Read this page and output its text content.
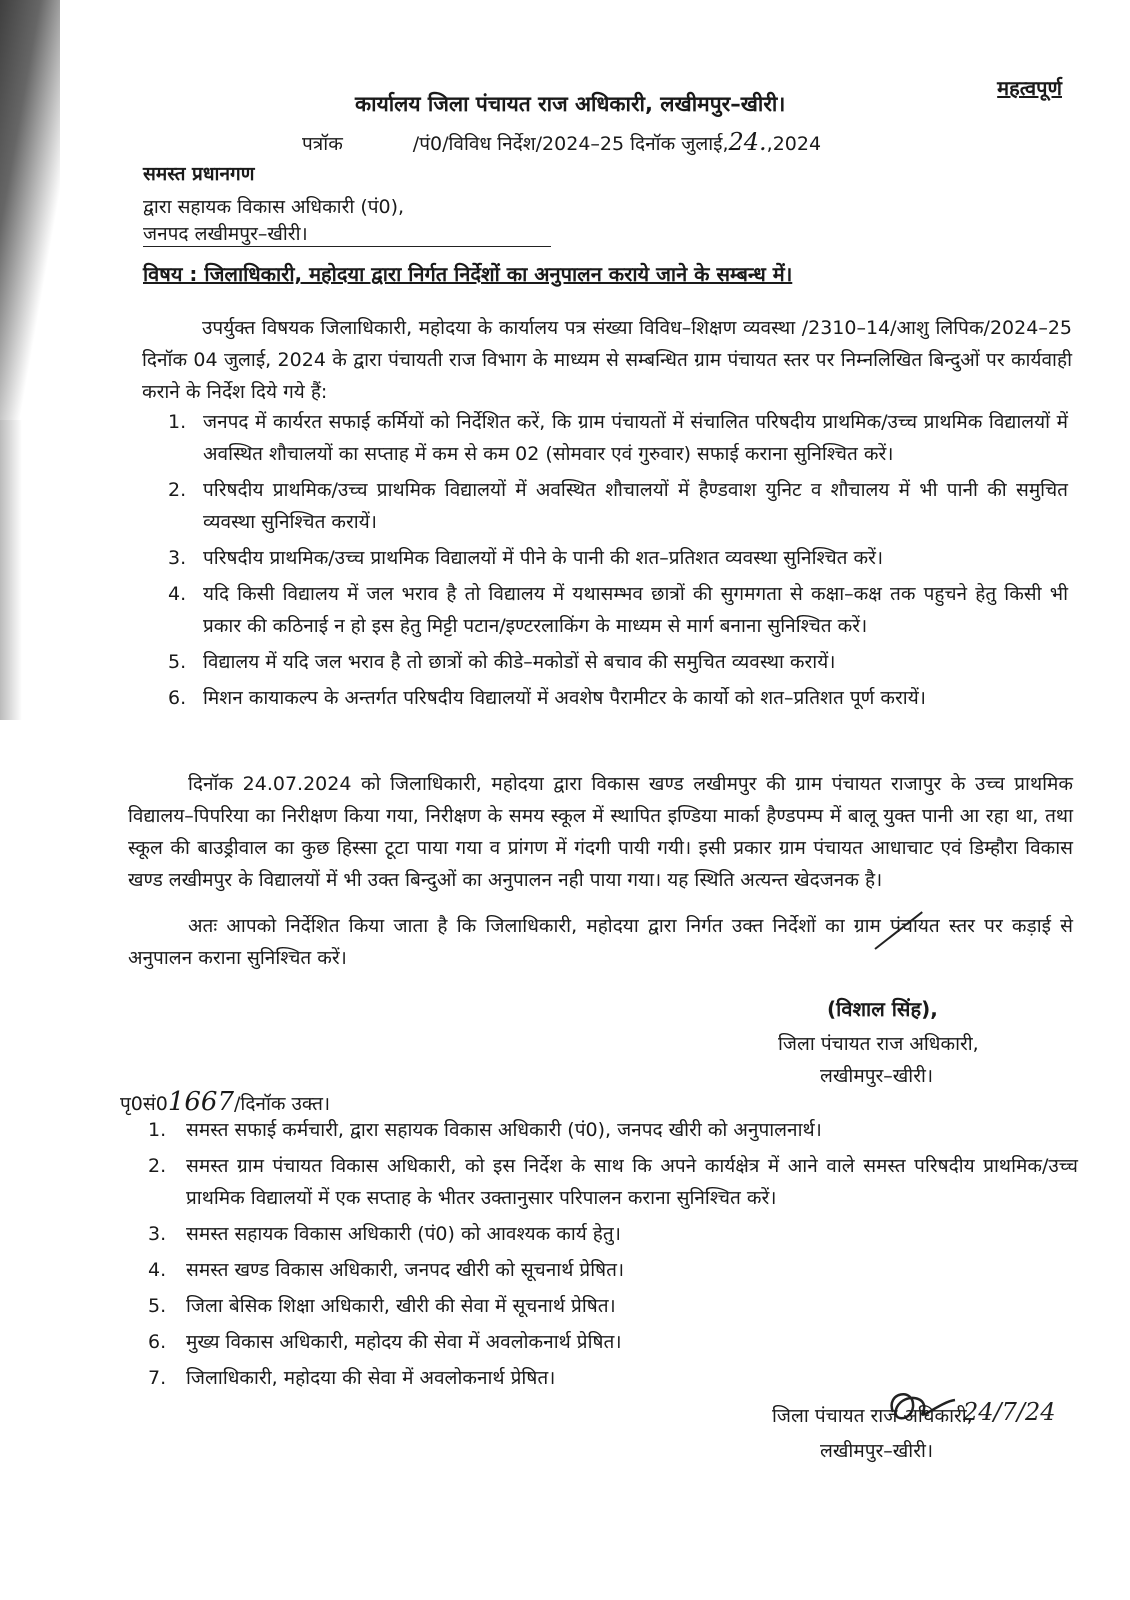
महत्वपूर्ण
कार्यालय जिला पंचायत राज अधिकारी, लखीमपुर–खीरी।
पत्रॉक	/पं0/विविध निर्देश/2024–25 दिनॉक जुलाई,24.,2024
समस्त प्रधानगण
द्वारा सहायक विकास अधिकारी (पं0),
जनपद लखीमपुर–खीरी।
विषय : जिलाधिकारी, महोदया द्वारा निर्गत निर्देशों का अनुपालन कराये जाने के सम्बन्ध में।
उपर्युक्त विषयक जिलाधिकारी, महोदया के कार्यालय पत्र संख्या विविध–शिक्षण व्यवस्था /2310–14/आशु लिपिक/2024–25 दिनॉक 04 जुलाई, 2024 के द्वारा पंचायती राज विभाग के माध्यम से सम्बन्धित ग्राम पंचायत स्तर पर निम्नलिखित बिन्दुओं पर कार्यवाही कराने के निर्देश दिये गये हैं:
1. जनपद में कार्यरत सफाई कर्मियों को निर्देशित करें, कि ग्राम पंचायतों में संचालित परिषदीय प्राथमिक/उच्च प्राथमिक विद्यालयों में अवस्थित शौचालयों का सप्ताह में कम से कम 02 (सोमवार एवं गुरुवार) सफाई कराना सुनिश्चित करें।
2. परिषदीय प्राथमिक/उच्च प्राथमिक विद्यालयों में अवस्थित शौचालयों में हैण्डवाश युनिट व शौचालय में भी पानी की समुचित व्यवस्था सुनिश्चित करायें।
3. परिषदीय प्राथमिक/उच्च प्राथमिक विद्यालयों में पीने के पानी की शत–प्रतिशत व्यवस्था सुनिश्चित करें।
4. यदि किसी विद्यालय में जल भराव है तो विद्यालय में यथासम्भव छात्रों की सुगमगता से कक्षा–कक्ष तक पहुचने हेतु किसी भी प्रकार की कठिनाई न हो इस हेतु मिट्टी पटान/इण्टरलाकिंग के माध्यम से मार्ग बनाना सुनिश्चित करें।
5. विद्यालय में यदि जल भराव है तो छात्रों को कीडे–मकोडों से बचाव की समुचित व्यवस्था करायें।
6. मिशन कायाकल्प के अन्तर्गत परिषदीय विद्यालयों में अवशेष पैरामीटर के कार्यो को शत–प्रतिशत पूर्ण करायें।
दिनॉक 24.07.2024 को जिलाधिकारी, महोदया द्वारा विकास खण्ड लखीमपुर की ग्राम पंचायत राजापुर के उच्च प्राथमिक विद्यालय–पिपरिया का निरीक्षण किया गया, निरीक्षण के समय स्कूल में स्थापित इण्डिया मार्का हैण्डपम्प में बालू युक्त पानी आ रहा था, तथा स्कूल की बाउड्रीवाल का कुछ हिस्सा टूटा पाया गया व प्रांगण में गंदगी पायी गयी। इसी प्रकार ग्राम पंचायत आधाचाट एवं डिम्हौरा विकास खण्ड लखीमपुर के विद्यालयों में भी उक्त बिन्दुओं का अनुपालन नही पाया गया। यह स्थिति अत्यन्त खेदजनक है।
अतः आपको निर्देशित किया जाता है कि जिलाधिकारी, महोदया द्वारा निर्गत उक्त निर्देशों का ग्राम पंचायत स्तर पर कड़ाई से अनुपालन कराना सुनिश्चित करें।
(विशाल सिंह),
जिला पंचायत राज अधिकारी,
लखीमपुर–खीरी।
पृ0सं01667/दिनॉक उक्त।
1. समस्त सफाई कर्मचारी, द्वारा सहायक विकास अधिकारी (पं0), जनपद खीरी को अनुपालनार्थ।
2. समस्त ग्राम पंचायत विकास अधिकारी, को इस निर्देश के साथ कि अपने कार्यक्षेत्र में आने वाले समस्त परिषदीय प्राथमिक/उच्च प्राथमिक विद्यालयों में एक सप्ताह के भीतर उक्तानुसार परिपालन कराना सुनिश्चित करें।
3. समस्त सहायक विकास अधिकारी (पं0) को आवश्यक कार्य हेतु।
4. समस्त खण्ड विकास अधिकारी, जनपद खीरी को सूचनार्थ प्रेषित।
5. जिला बेसिक शिक्षा अधिकारी, खीरी की सेवा में सूचनार्थ प्रेषित।
6. मुख्य विकास अधिकारी, महोदय की सेवा में अवलोकनार्थ प्रेषित।
7. जिलाधिकारी, महोदया की सेवा में अवलोकनार्थ प्रेषित।
24/7/24
जिला पंचायत राज अधिकारी,
लखीमपुर–खीरी।
